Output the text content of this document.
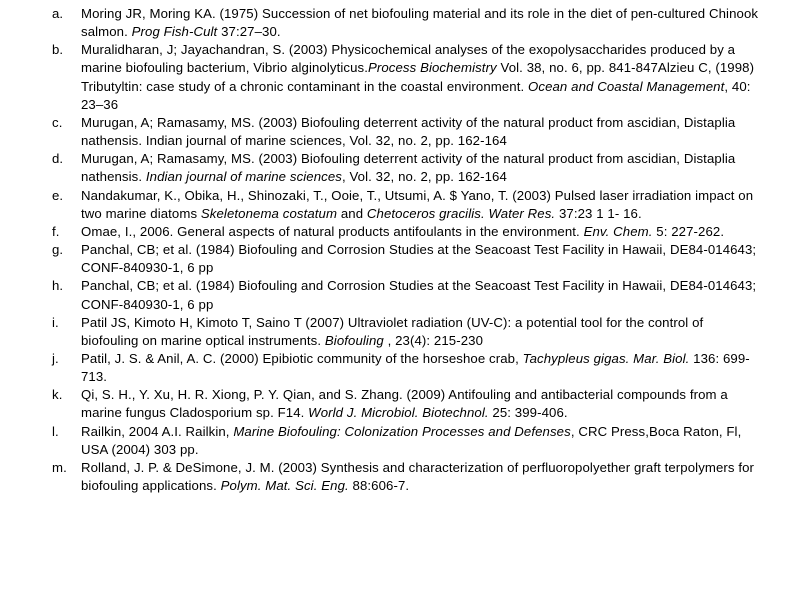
a. Moring JR, Moring KA. (1975) Succession of net biofouling material and its role in the diet of pen-cultured Chinook salmon. Prog Fish-Cult 37:27–30.
b. Muralidharan, J; Jayachandran, S. (2003) Physicochemical analyses of the exopolysaccharides produced by a marine biofouling bacterium, Vibrio alginolyticus.Process Biochemistry Vol. 38, no. 6, pp. 841-847Alzieu C, (1998) Tributyltin: case study of a chronic contaminant in the coastal environment. Ocean and Coastal Management, 40: 23–36
c. Murugan, A; Ramasamy, MS. (2003) Biofouling deterrent activity of the natural product from ascidian, Distaplia nathensis. Indian journal of marine sciences, Vol. 32, no. 2, pp. 162-164
d. Murugan, A; Ramasamy, MS. (2003) Biofouling deterrent activity of the natural product from ascidian, Distaplia nathensis. Indian journal of marine sciences, Vol. 32, no. 2, pp. 162-164
e. Nandakumar, K., Obika, H., Shinozaki, T., Ooie, T., Utsumi, A. $ Yano, T. (2003) Pulsed laser irradiation impact on two marine diatoms Skeletonema costatum and Chetoceros gracilis. Water Res. 37:23 1 1- 16.
f. Omae, I., 2006. General aspects of natural products antifoulants in the environment. Env. Chem. 5: 227-262.
g. Panchal, CB; et al. (1984) Biofouling and Corrosion Studies at the Seacoast Test Facility in Hawaii, DE84-014643; CONF-840930-1, 6 pp
h. Panchal, CB; et al. (1984) Biofouling and Corrosion Studies at the Seacoast Test Facility in Hawaii, DE84-014643; CONF-840930-1, 6 pp
i. Patil JS, Kimoto H, Kimoto T, Saino T (2007) Ultraviolet radiation (UV-C): a potential tool for the control of biofouling on marine optical instruments. Biofouling , 23(4): 215-230
j. Patil, J. S. & Anil, A. C. (2000) Epibiotic community of the horseshoe crab, Tachypleus gigas. Mar. Biol. 136: 699-713.
k. Qi, S. H., Y. Xu, H. R. Xiong, P. Y. Qian, and S. Zhang. (2009) Antifouling and antibacterial compounds from a marine fungus Cladosporium sp. F14. World J. Microbiol. Biotechnol. 25: 399-406.
l. Railkin, 2004 A.I. Railkin, Marine Biofouling: Colonization Processes and Defenses, CRC Press,Boca Raton, Fl, USA (2004) 303 pp.
m. Rolland, J. P. & DeSimone, J. M. (2003) Synthesis and characterization of perfluoropolyether graft terpolymers for biofouling applications. Polym. Mat. Sci. Eng. 88:606-7.
